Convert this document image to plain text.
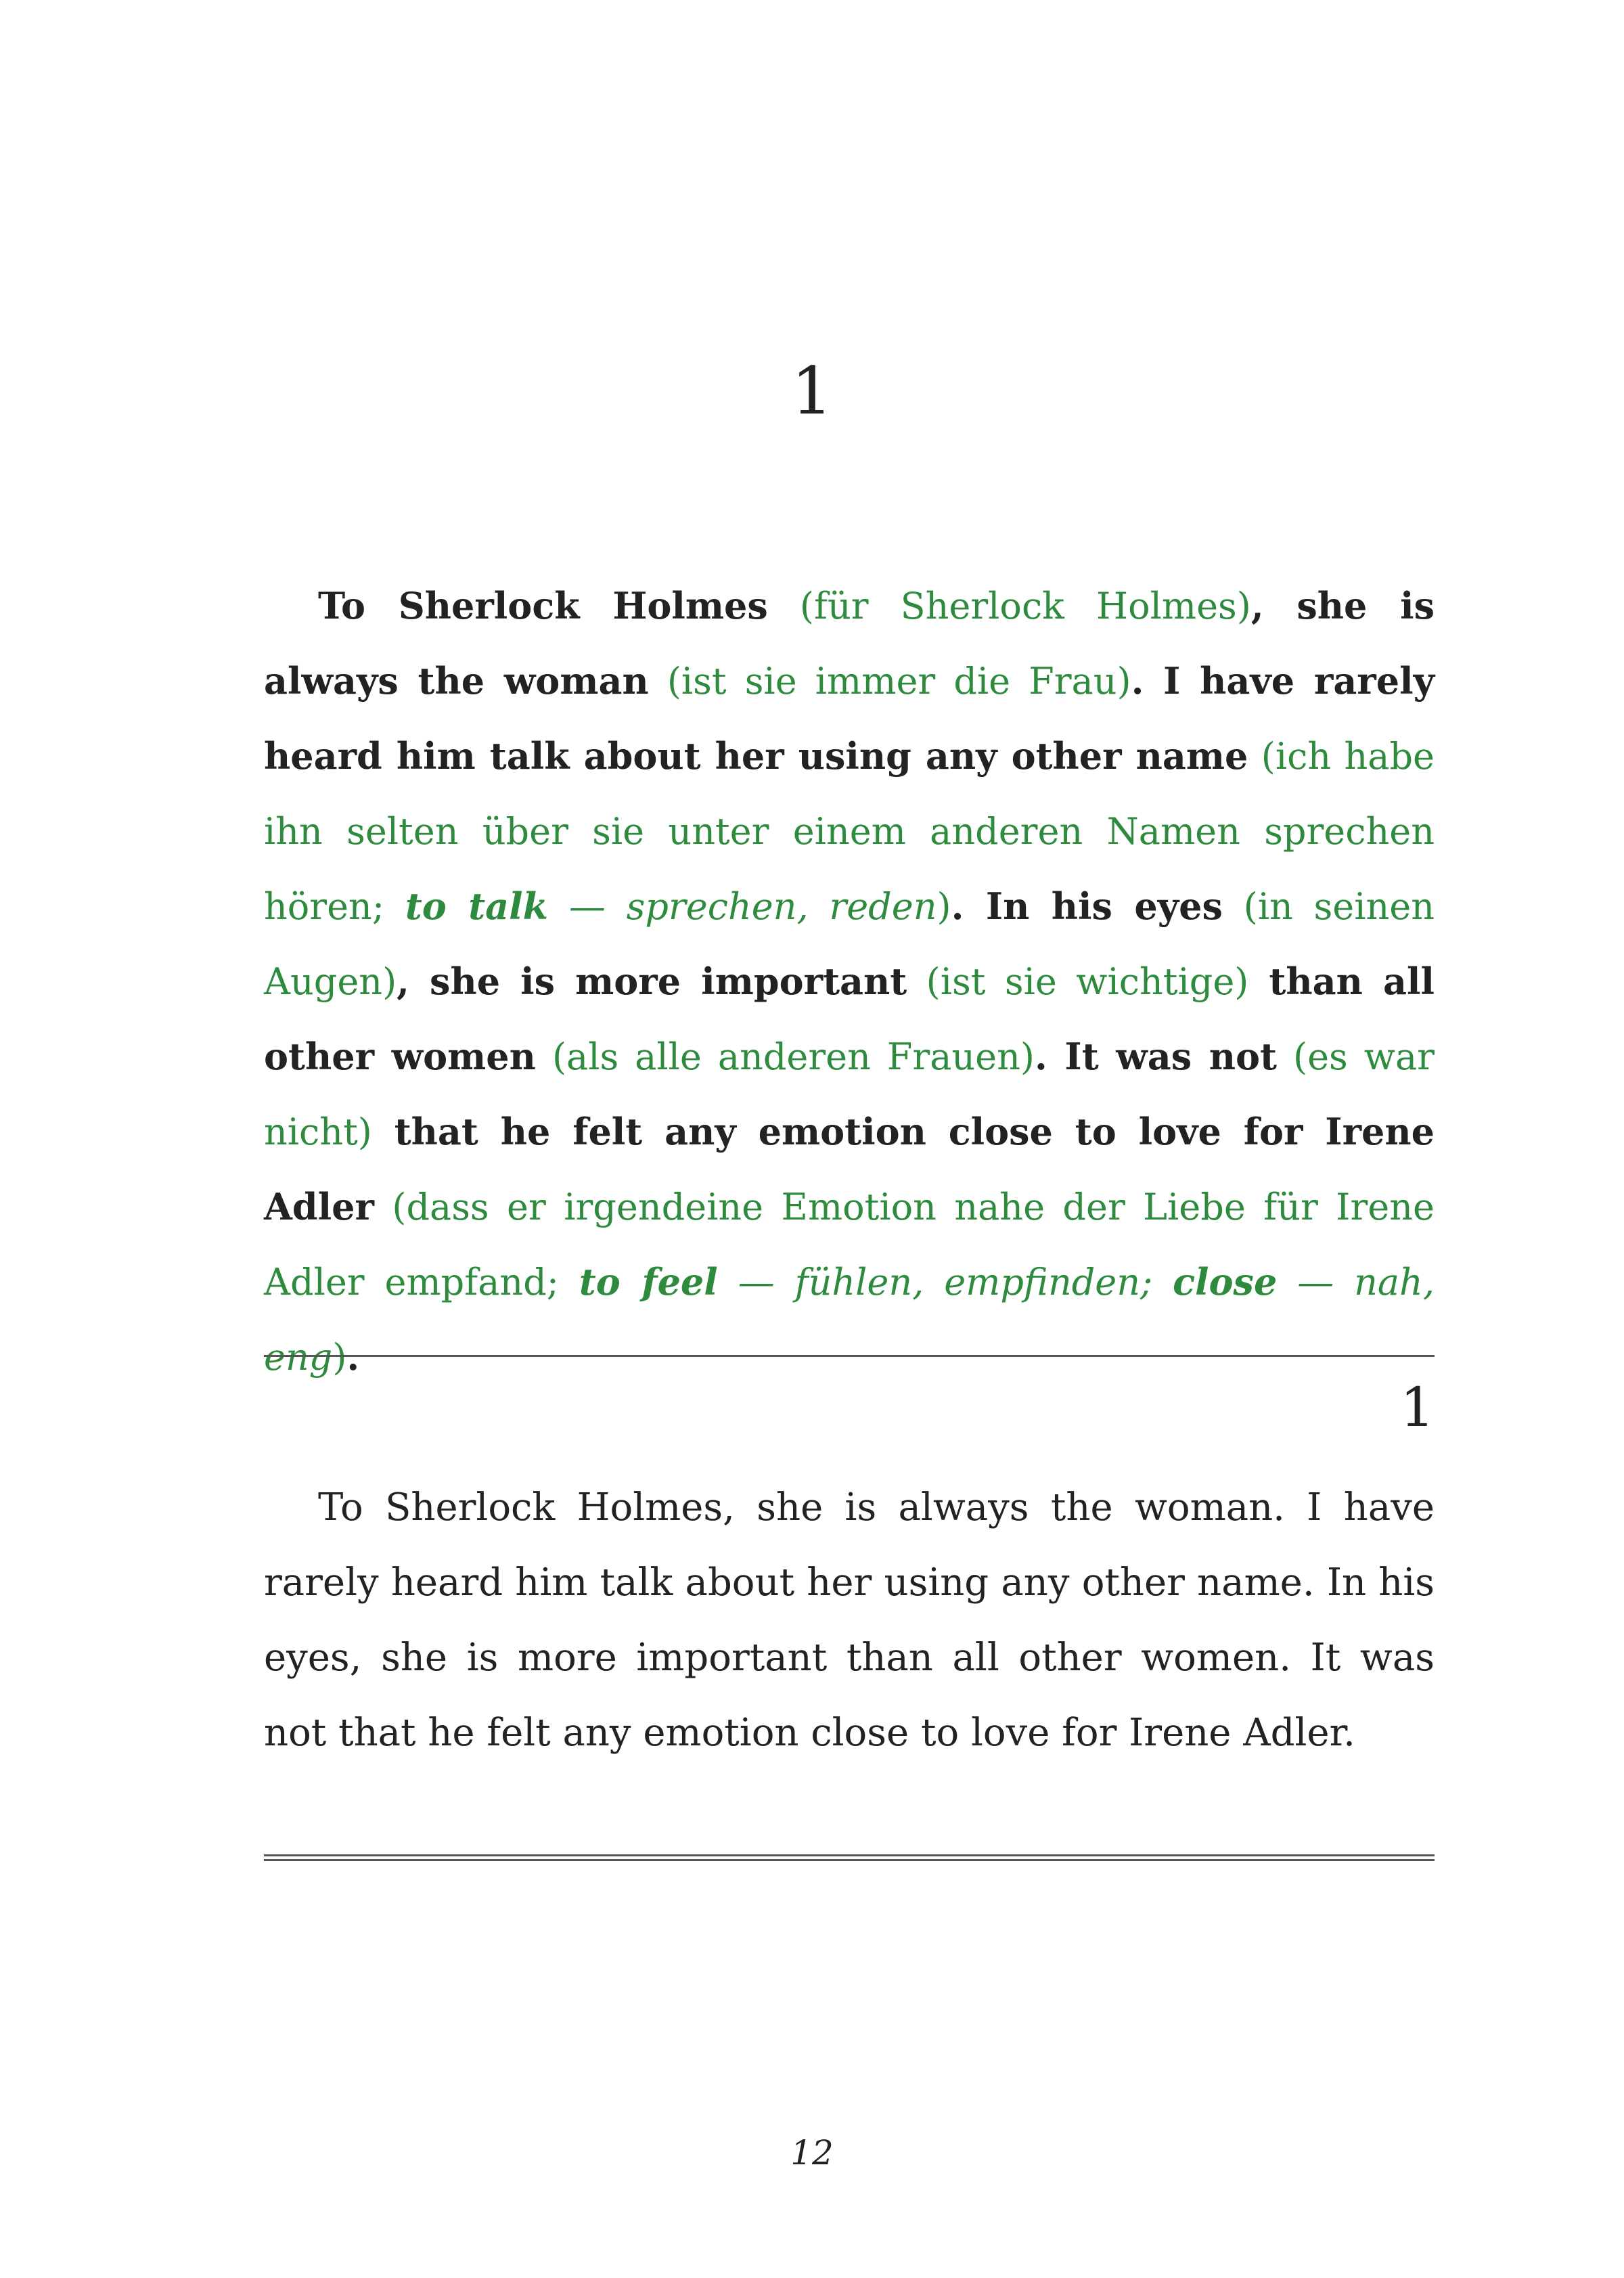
1

To Sherlock Holmes (für Sherlock Holmes), she is always the woman (ist sie immer die Frau). I have rarely heard him talk about her using any other name (ich habe ihn selten über sie unter einem anderen Namen sprechen hören; to talk — sprechen, reden). In his eyes (in seinen Augen), she is more important (ist sie wichtige) than all other women (als alle anderen Frauen). It was not (es war nicht) that he felt any emotion close to love for Irene Adler (dass er irgendeine Emotion nahe der Liebe für Irene Adler empfand; to feel — fühlen, empfinden; close — nah, eng).

1

To Sherlock Holmes, she is always the woman. I have rarely heard him talk about her using any other name. In his eyes, she is more important than all other women. It was not that he felt any emotion close to love for Irene Adler.

12
